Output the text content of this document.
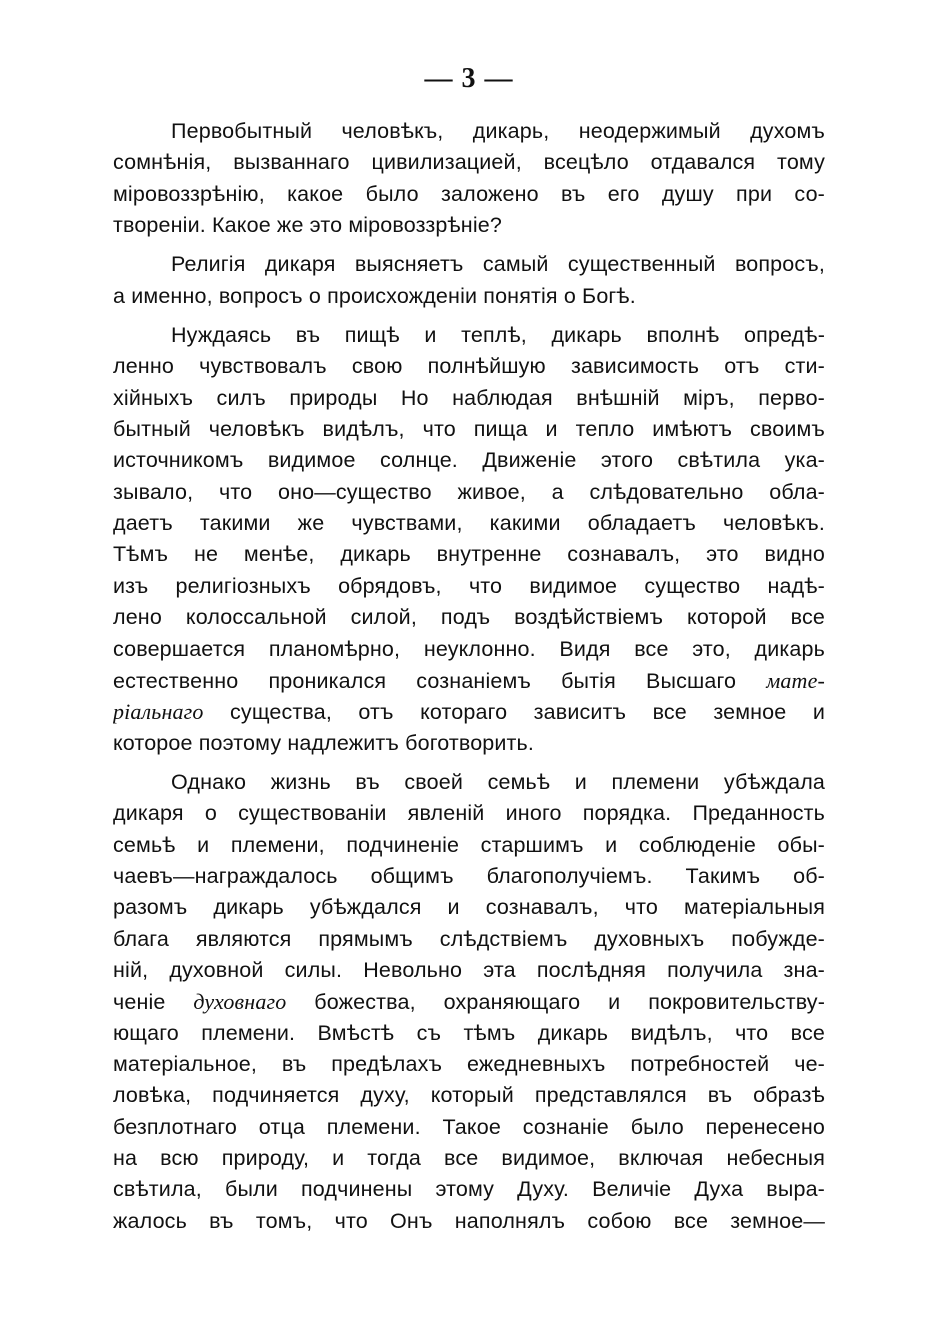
— 3 —
Первобытный человѣкъ, дикарь, неодержимый духомъ
сомнѣнія, вызваннаго цивилизацией, всецѣло отдавался тому
міровоззрѣнію, какое было заложено въ его душу при со-
твореніи. Какое же это міровоззрѣніе?
Религія дикаря выясняетъ самый существенный вопросъ,
а именно, вопросъ о происхожденіи понятія о Богѣ.
Нуждаясь въ пищѣ и теплѣ, дикарь вполнѣ опредѣ-
ленно чувствовалъ свою полнѣйшую зависимость отъ сти-
хійныхъ силъ природы Но наблюдая внѣшній міръ, перво-
бытный человѣкъ видѣлъ, что пища и тепло имѣютъ своимъ
источникомъ видимое солнце. Движеніе этого свѣтила ука-
зывало, что оно—существо живое, а слѣдовательно обла-
даетъ такими же чувствами, какими обладаетъ человѣкъ.
Тѣмъ не менѣе, дикарь внутренне сознавалъ, это видно
изъ религіозныхъ обрядовъ, что видимое существо надѣ-
лено колоссальной силой, подъ воздѣйствіемъ которой все
совершается планомѣрно, неуклонно. Видя все это, дикарь
естественно проникался сознаніемъ бытія Высшаго мате-
ріальнаго существа, отъ котораго зависитъ все земное и
которое поэтому надлежитъ боготворить.
Однако жизнь въ своей семьѣ и племени убѣждала
дикаря о существованіи явленій иного порядка. Преданность
семьѣ и племени, подчиненіе старшимъ и соблюденіе обы-
чаевъ—награждалось общимъ благополучіемъ. Такимъ об-
разомъ дикарь убѣждался и сознавалъ, что матеріальныя
блага являются прямымъ слѣдствіемъ духовныхъ побужде-
ній, духовной силы. Невольно эта послѣдняя получила зна-
ченіе духовнаго божества, охраняющаго и покровительству-
ющаго племени. Вмѣстѣ съ тѣмъ дикарь видѣлъ, что все
матеріальное, въ предѣлахъ ежедневныхъ потребностей че-
ловѣка, подчиняется духу, который представлялся въ образѣ
безплотнаго отца племени. Такое сознаніе было перенесено
на всю природу, и тогда все видимое, включая небесныя
свѣтила, были подчинены этому Духу. Величіе Духа выра-
жалось въ томъ, что Онъ наполнялъ собою все земное—
